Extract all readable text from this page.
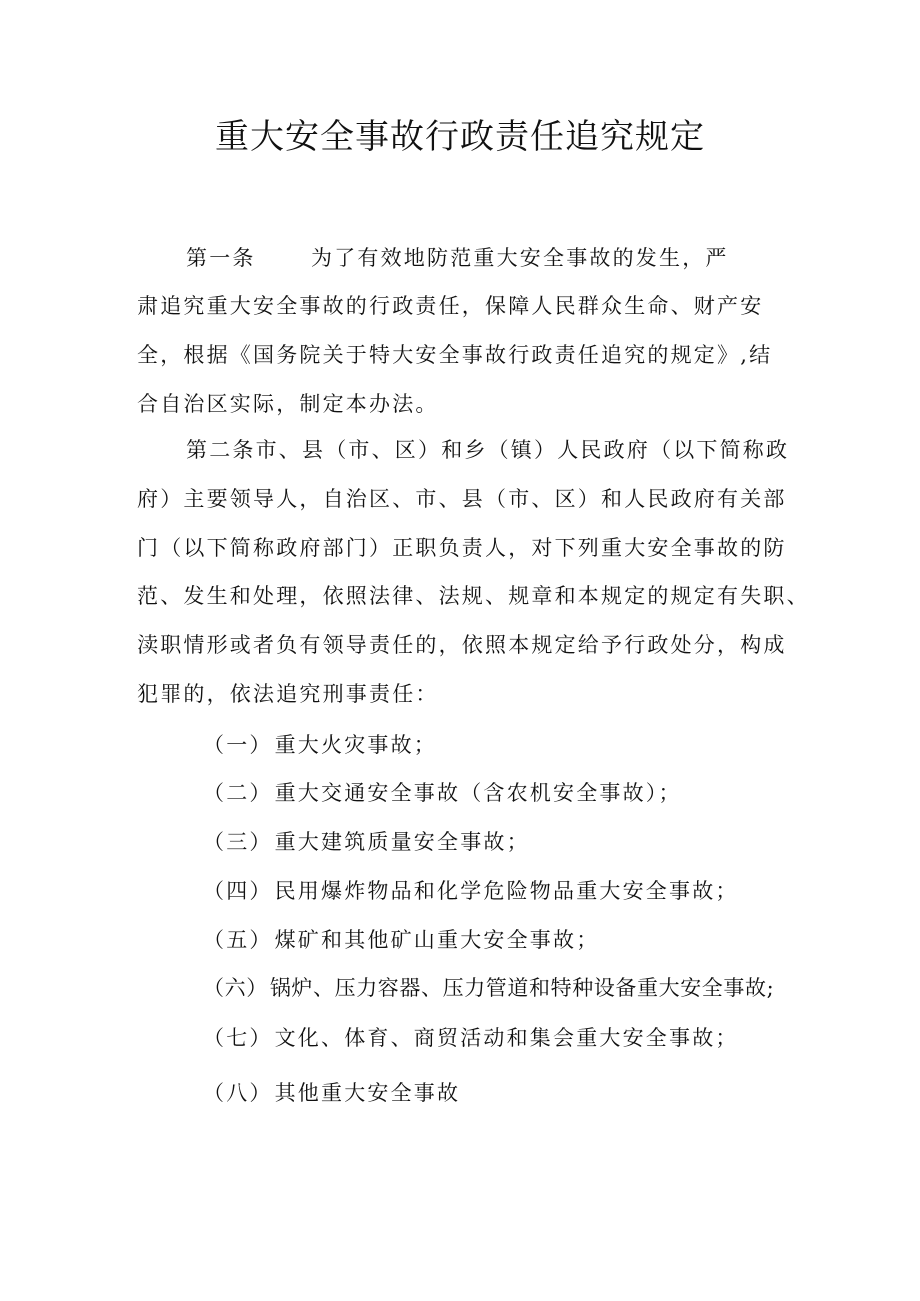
重大安全事故行政责任追究规定
第一条	为了有效地防范重大安全事故的发生，严
肃追究重大安全事故的行政责任，保障人民群众生命、财产安
全，根据《国务院关于特大安全事故行政责任追究的规定》,结
合自治区实际，制定本办法。
第二条市、县（市、区）和乡（镇）人民政府（以下简称政
府）主要领导人，自治区、市、县（市、区）和人民政府有关部
门（以下简称政府部门）正职负责人，对下列重大安全事故的防
范、发生和处理，依照法律、法规、规章和本规定的规定有失职、
渎职情形或者负有领导责任的，依照本规定给予行政处分，构成
犯罪的，依法追究刑事责任：
（一）重大火灾事故；
（二）重大交通安全事故（含农机安全事故）；
（三）重大建筑质量安全事故；
（四）民用爆炸物品和化学危险物品重大安全事故；
（五）煤矿和其他矿山重大安全事故；
（六）锅炉、压力容器、压力管道和特种设备重大安全事故;
（七）文化、体育、商贸活动和集会重大安全事故；
（八）其他重大安全事故
